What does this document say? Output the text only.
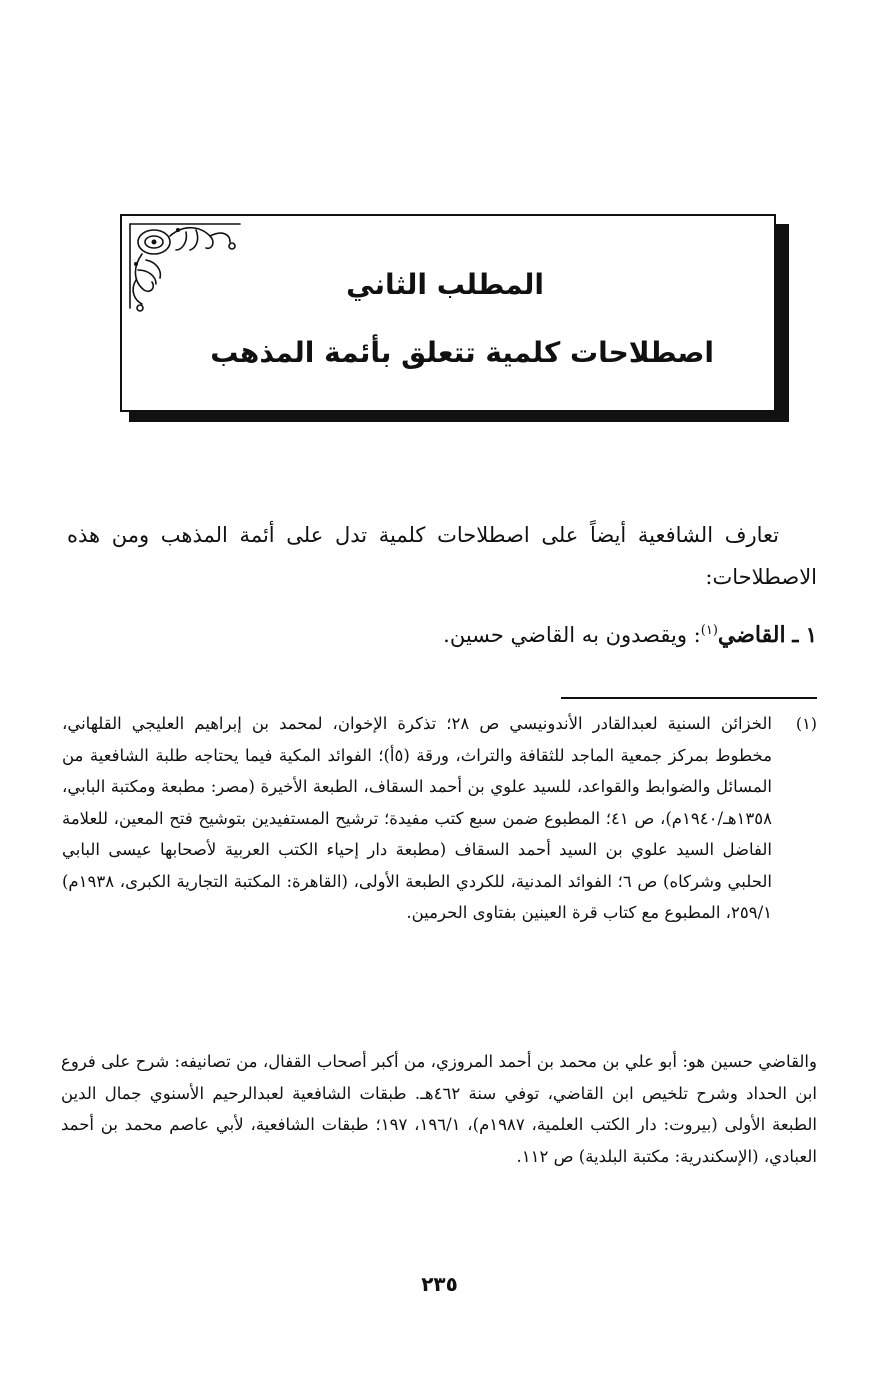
المطلب الثاني
اصطلاحات كلمية تتعلق بأئمة المذهب

تعارف الشافعية أيضاً على اصطلاحات كلمية تدل على أئمة المذهب ومن هذه الاصطلاحات:

١ ـ القاضي$^{(١)}$: ويقصدون به القاضي حسين.
(١)

الخزائن السنية لعبدالقادر الأندونيسي ص ٢٨؛ تذكرة الإخوان، لمحمد بن إبراهيم العليجي القلهاني، مخطوط بمركز جمعية الماجد للثقافة والتراث، ورقة (٥أ)؛ الفوائد المكية فيما يحتاجه طلبة الشافعية من المسائل والضوابط والقواعد، للسيد علوي بن أحمد السقاف، الطبعة الأخيرة (مصر: مطبعة ومكتبة البابي، ١٣٥٨هـ/١٩٤٠م)، ص ٤١؛ المطبوع ضمن سبع كتب مفيدة؛ ترشيح المستفيدين بتوشيح فتح المعين، للعلامة الفاضل السيد علوي بن السيد أحمد السقاف (مطبعة دار إحياء الكتب العربية لأصحابها عيسى البابي الحلبي وشركاه) ص ٦؛ الفوائد المدنية، للكردي الطبعة الأولى، (القاهرة: المكتبة التجارية الكبرى، ١٩٣٨م) ٢٥٩/١، المطبوع مع كتاب قرة العينين بفتاوى الحرمين.

والقاضي حسين هو: أبو علي بن محمد بن أحمد المروزي، من أكبر أصحاب القفال، من تصانيفه: شرح على فروع ابن الحداد وشرح تلخيص ابن القاضي، توفي سنة ٤٦٢هـ. طبقات الشافعية لعبدالرحيم الأسنوي جمال الدين الطبعة الأولى (بيروت: دار الكتب العلمية، ١٩٨٧م)، ١٩٦/١، ١٩٧؛ طبقات الشافعية، لأبي عاصم محمد بن أحمد العبادي، (الإسكندرية: مكتبة البلدية) ص ١١٢.

٢٣٥
